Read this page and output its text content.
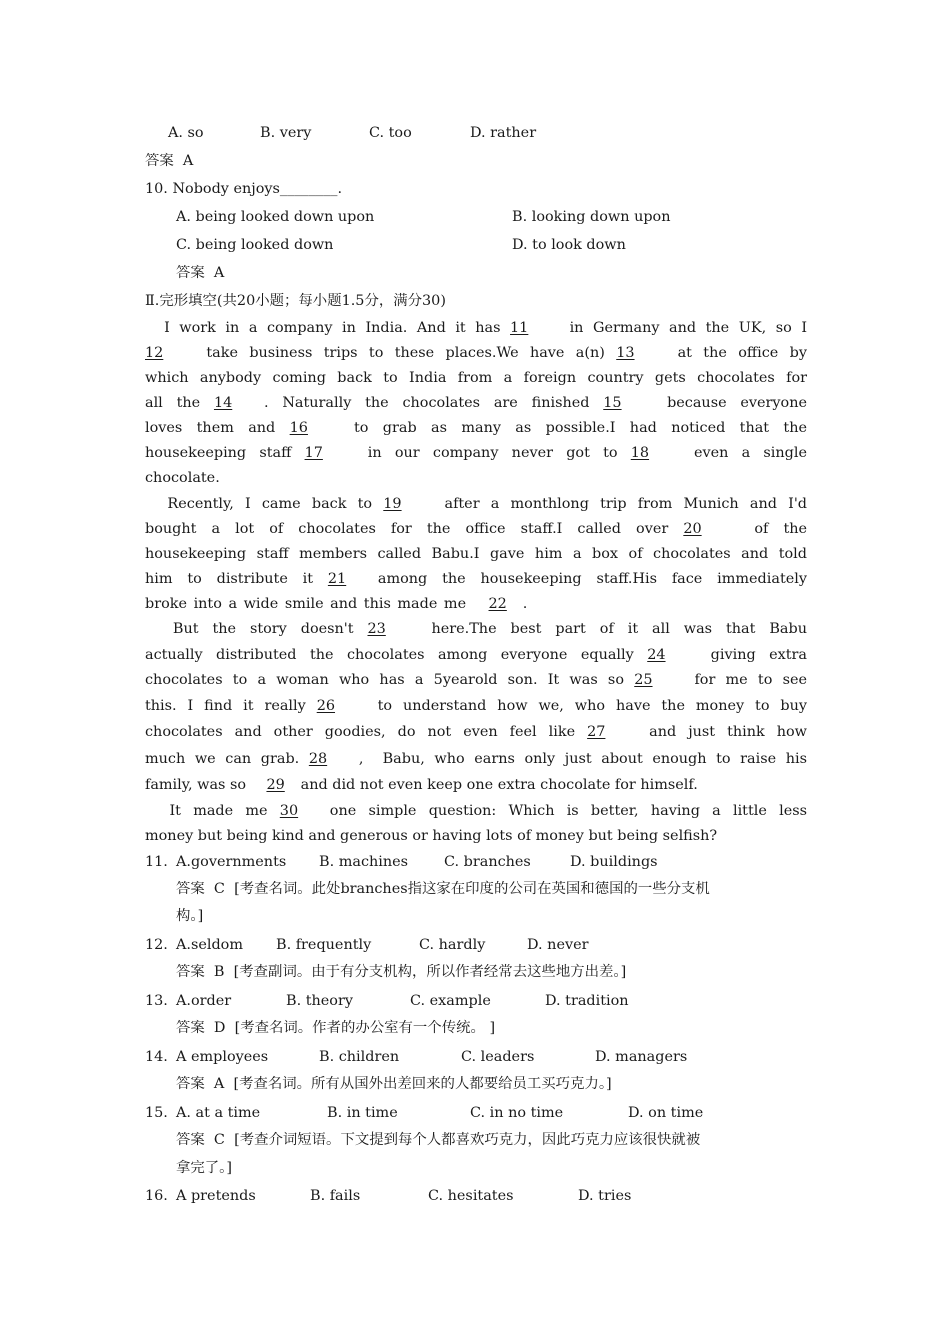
A. so	B. very	C. too	D. rather
答案  A
10. Nobody enjoys________.
A. being looked down upon	B. looking down upon
C. being looked down	D. to look down
答案  A
Ⅱ.完形填空(共20小题；每小题1.5分，满分30)
I work in a company in India. And it has 11	in Germany and the UK, so I
12	take business trips to these places.We have a(n) 13	at the office by
which anybody coming back to India from a foreign country gets chocolates for
all the 14 . Naturally the chocolates are finished 15	because everyone
loves them and 16	to grab as many as possible.I had noticed that the
housekeeping staff 17	in our company never got to 18	even a single
chocolate.
Recently, I came back to 19	after a monthlong trip from Munich and I'd
bought a lot of chocolates for the office staff.I called over 20	of the
housekeeping staff members called Babu.I gave him a box of chocolates and told
him to distribute it 21 among the housekeeping staff.His face immediately
broke into a wide smile and this made me 22 .
But the story doesn't 23	here.The best part of it all was that Babu
actually distributed the chocolates among everyone equally 24	giving extra
chocolates to a woman who has a 5yearold son. It was so 25	for me to see
this. I find it really 26	to understand how we, who have the money to buy
chocolates and other goodies, do not even feel like 27	and just think how
much we can grab. 28 ,  Babu, who earns only just about enough to raise his
family, was so 29 and did not even keep one extra chocolate for himself.
It made me 30 one simple question: Which is better, having a little less
money but being kind and generous or having lots of money but being selfish?
11. A.governments B. machines C. branches	D. buildings
答案  C  [考查名词。此处branches指这家在印度的公司在英国和德国的一些分支机
构。]
12. A.seldom B. frequently	C. hardly	D. never
答案  B  [考查副词。由于有分支机构，所以作者经常去这些地方出差。]
13. A.order	B. theory	C. example	D. tradition
答案  D  [考查名词。作者的办公室有一个传统。 ]
14. A employees	B. children	C. leaders	D. managers
答案  A  [考查名词。所有从国外出差回来的人都要给员工买巧克力。]
15. A. at a time	B. in time	C. in no time	D. on time
答案  C  [考查介词短语。下文提到每个人都喜欢巧克力，因此巧克力应该很快就被
拿完了。]
16. A pretends	B. fails	C. hesitates	D. tries
